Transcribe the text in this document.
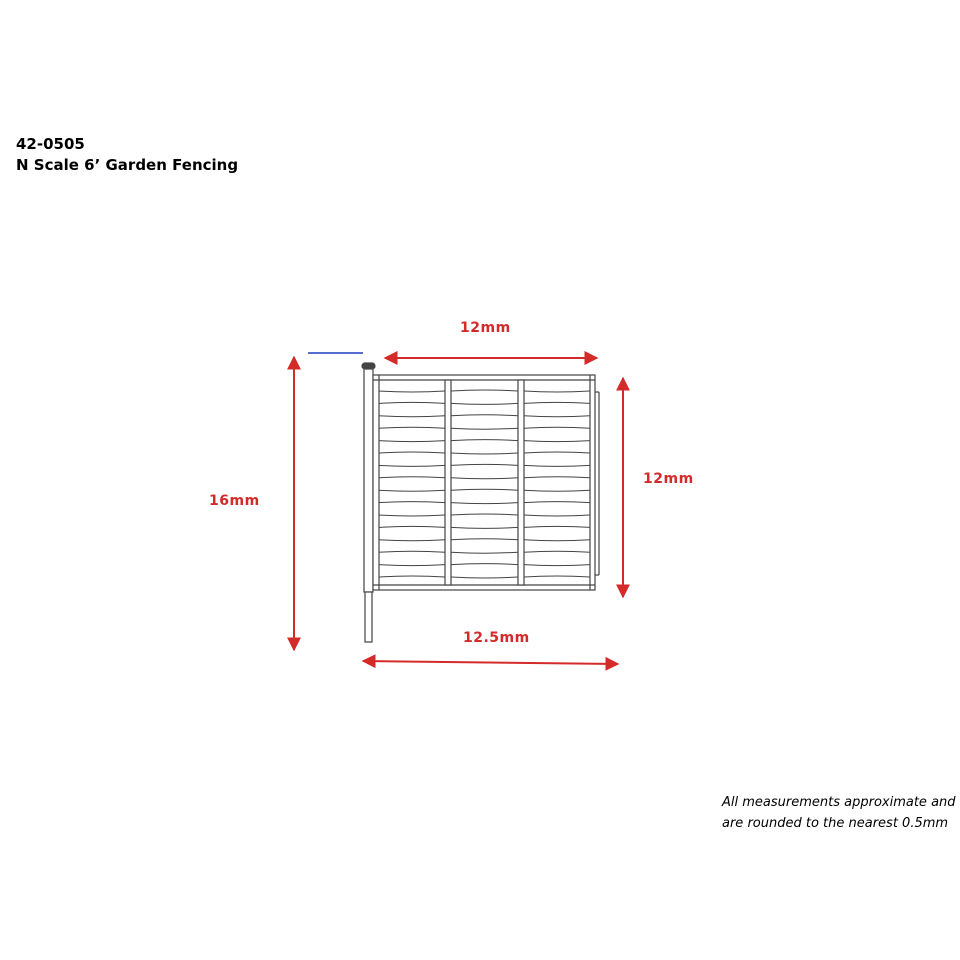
42-0505
N Scale 6’ Garden Fencing
12mm
16mm
12mm
12.5mm
All measurements approximate and
are rounded to the nearest 0.5mm
